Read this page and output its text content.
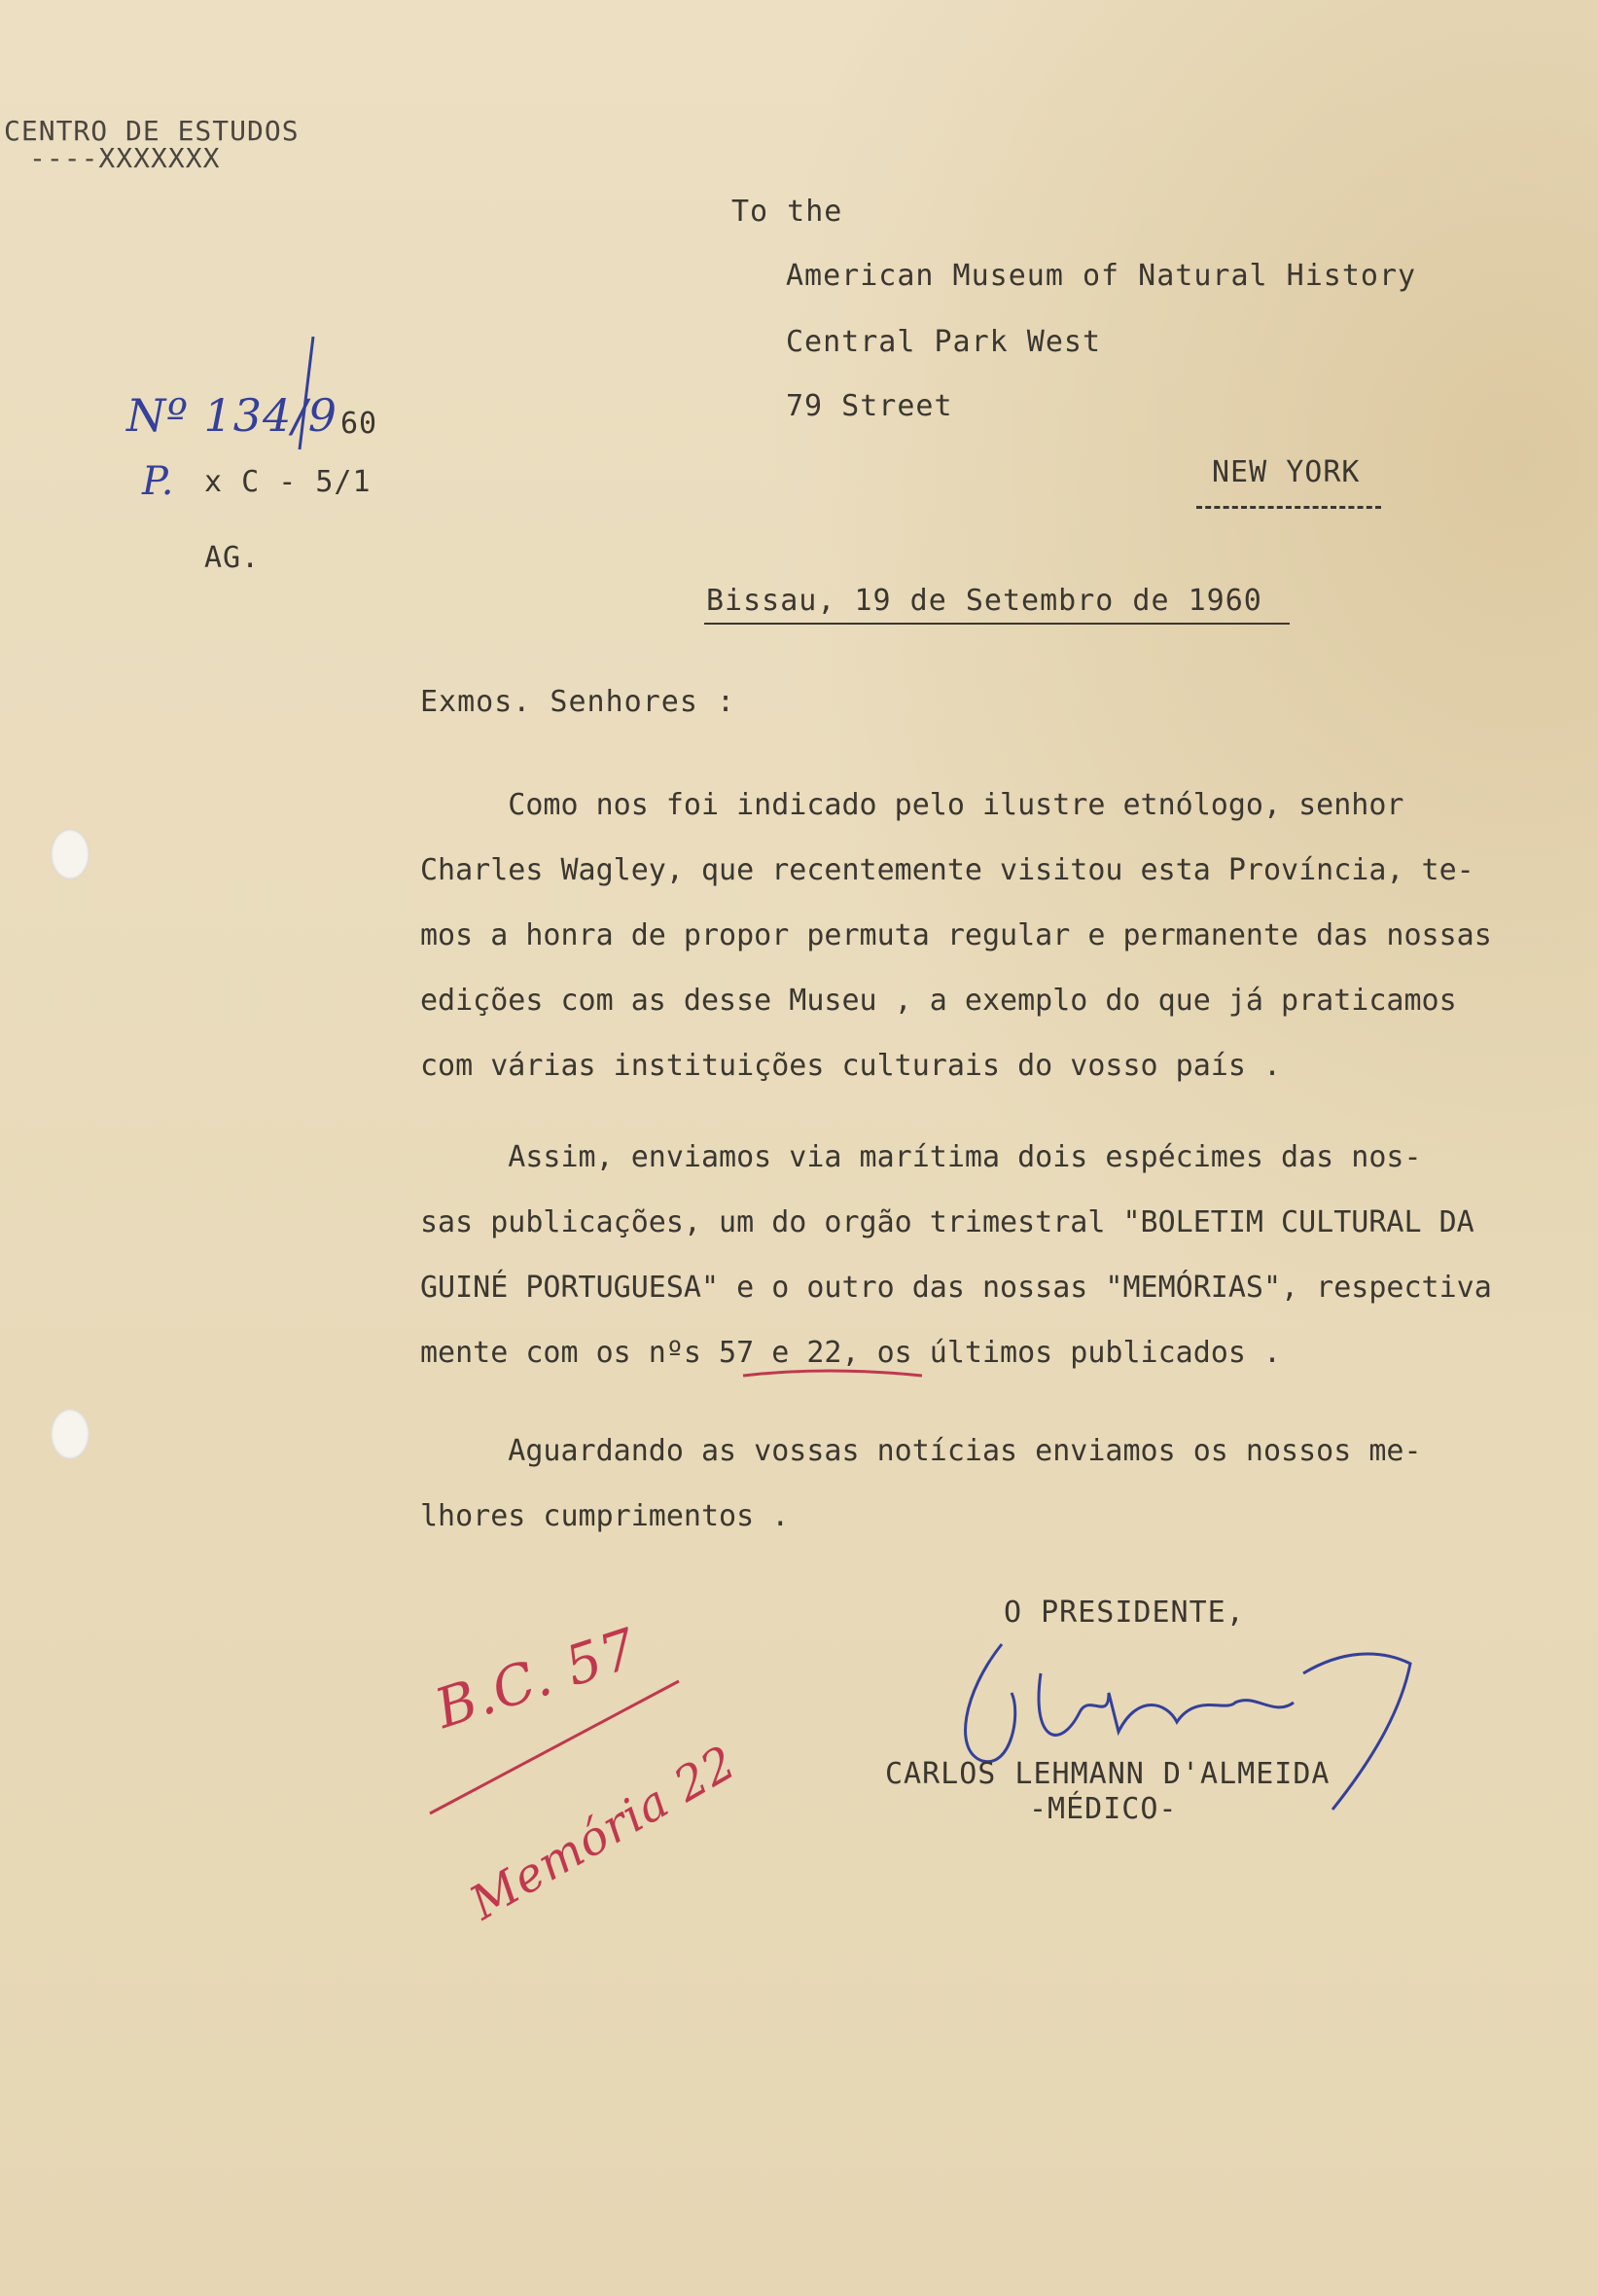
CENTRO DE ESTUDOS
----XXXXXXX
To the
American Museum of Natural History
Central Park West
79 Street
NEW YORK
Nº 134/9 60
P. x C - 5/1
AG.
Bissau, 19 de Setembro de 1960
Exmos. Senhores :

Como nos foi indicado pelo ilustre etnólogo, senhor

Charles Wagley, que recentemente visitou esta Província, te-

mos a honra de propor permuta regular e permanente das nossas

edições com as desse Museu , a exemplo do que já praticamos

com várias instituições culturais do vosso país .

Assim, enviamos via marítima dois espécimes das nos-

sas publicações, um do orgão trimestral "BOLETIM CULTURAL DA

GUINÉ PORTUGUESA" e o outro das nossas "MEMÓRIAS", respectiva

mente com os nºs 57 e 22, os últimos publicados .

Aguardando as vossas notícias enviamos os nossos me-

lhores cumprimentos .

O PRESIDENTE,
CARLOS LEHMANN D'ALMEIDA
-MÉDICO-
B.C. 57
Memória 22
